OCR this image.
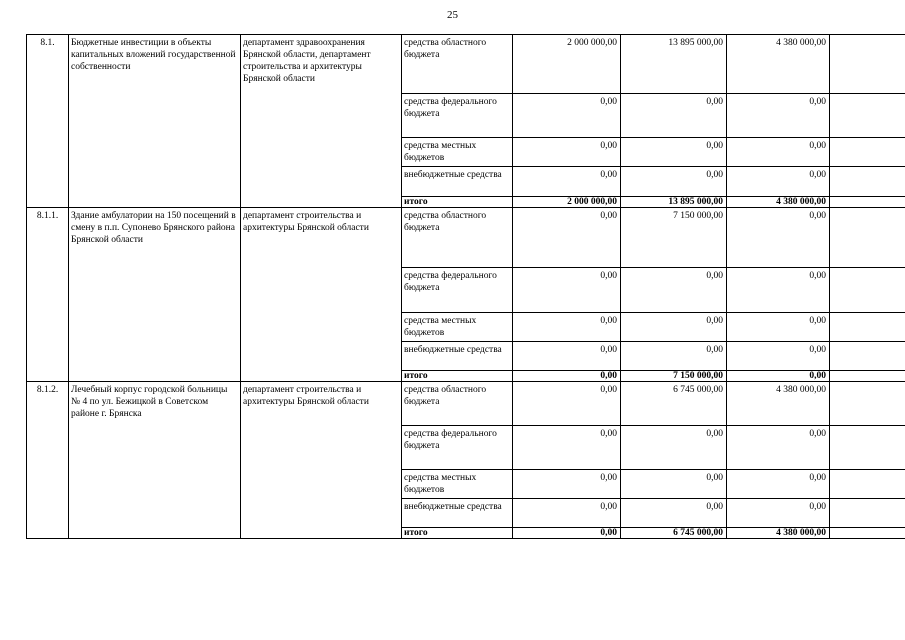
25
8.1.	Бюджетные инвестиции в объекты капитальных вложений государственной собственности	департамент здравоохранения Брянской области, департамент строительства и архитектуры Брянской области	средства областного бюджета	2 000 000,00	13 895 000,00	4 380 000,00	
			средства федерального бюджета	0,00	0,00	0,00	
			средства местных бюджетов	0,00	0,00	0,00	
			внебюджетные средства	0,00	0,00	0,00	
			итого	2 000 000,00	13 895 000,00	4 380 000,00	
8.1.1.	Здание амбулатории на 150 посещений в смену в п.п. Супонево Брянского района Брянской области	департамент строительства и архитектуры Брянской области	средства областного бюджета	0,00	7 150 000,00	0,00	
			средства федерального бюджета	0,00	0,00	0,00	
			средства местных бюджетов	0,00	0,00	0,00	
			внебюджетные средства	0,00	0,00	0,00	
			итого	0,00	7 150 000,00	0,00	
8.1.2.	Лечебный корпус городской больницы № 4 по ул. Бежицкой в Советском районе г. Брянска	департамент строительства и архитектуры Брянской области	средства областного бюджета	0,00	6 745 000,00	4 380 000,00	
			средства федерального бюджета	0,00	0,00	0,00	
			средства местных бюджетов	0,00	0,00	0,00	
			внебюджетные средства	0,00	0,00	0,00	
			итого	0,00	6 745 000,00	4 380 000,00	
